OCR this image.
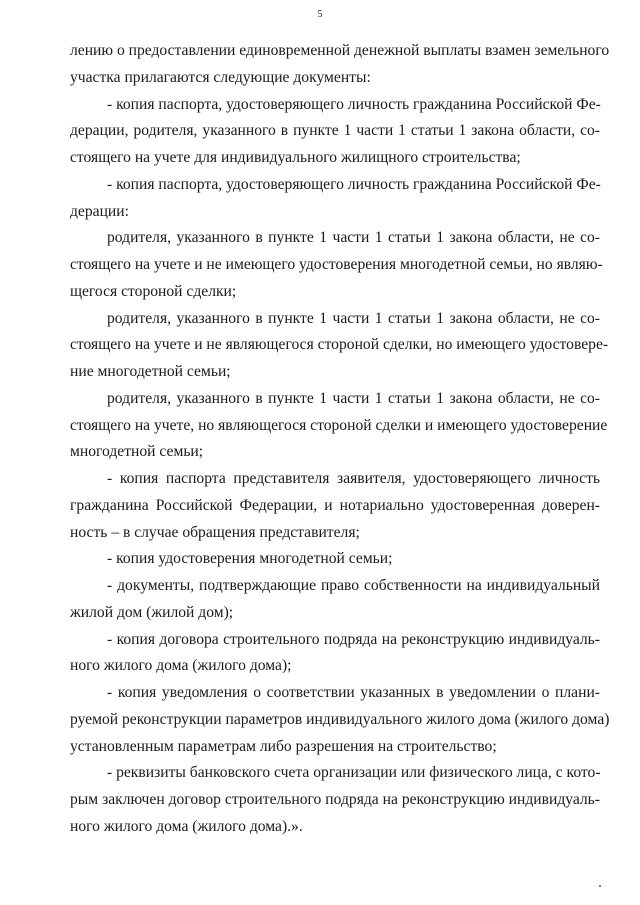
5
лению о предоставлении единовременной денежной выплаты взамен земельного
участка прилагаются следующие документы:
- копия паспорта, удостоверяющего личность гражданина Российской Фе-
дерации, родителя, указанного в пункте 1 части 1 статьи 1 закона области, со-
стоящего на учете для индивидуального жилищного строительства;
- копия паспорта, удостоверяющего личность гражданина Российской Фе-
дерации:
родителя, указанного в пункте 1 части 1 статьи 1 закона области, не со-
стоящего на учете и не имеющего удостоверения многодетной семьи, но являю-
щегося стороной сделки;
родителя, указанного в пункте 1 части 1 статьи 1 закона области, не со-
стоящего на учете и не являющегося стороной сделки, но имеющего удостовере-
ние многодетной семьи;
родителя, указанного в пункте 1 части 1 статьи 1 закона области, не со-
стоящего на учете, но являющегося стороной сделки и имеющего удостоверение
многодетной семьи;
- копия паспорта представителя заявителя, удостоверяющего личность
гражданина Российской Федерации, и нотариально удостоверенная доверен-
ность – в случае обращения представителя;
- копия удостоверения многодетной семьи;
- документы, подтверждающие право собственности на индивидуальный
жилой дом (жилой дом);
- копия договора строительного подряда на реконструкцию индивидуаль-
ного жилого дома (жилого дома);
- копия уведомления о соответствии указанных в уведомлении о плани-
руемой реконструкции параметров индивидуального жилого дома (жилого дома)
установленным параметрам либо разрешения на строительство;
- реквизиты банковского счета организации или физического лица, с кото-
рым заключен договор строительного подряда на реконструкцию индивидуаль-
ного жилого дома (жилого дома).».
